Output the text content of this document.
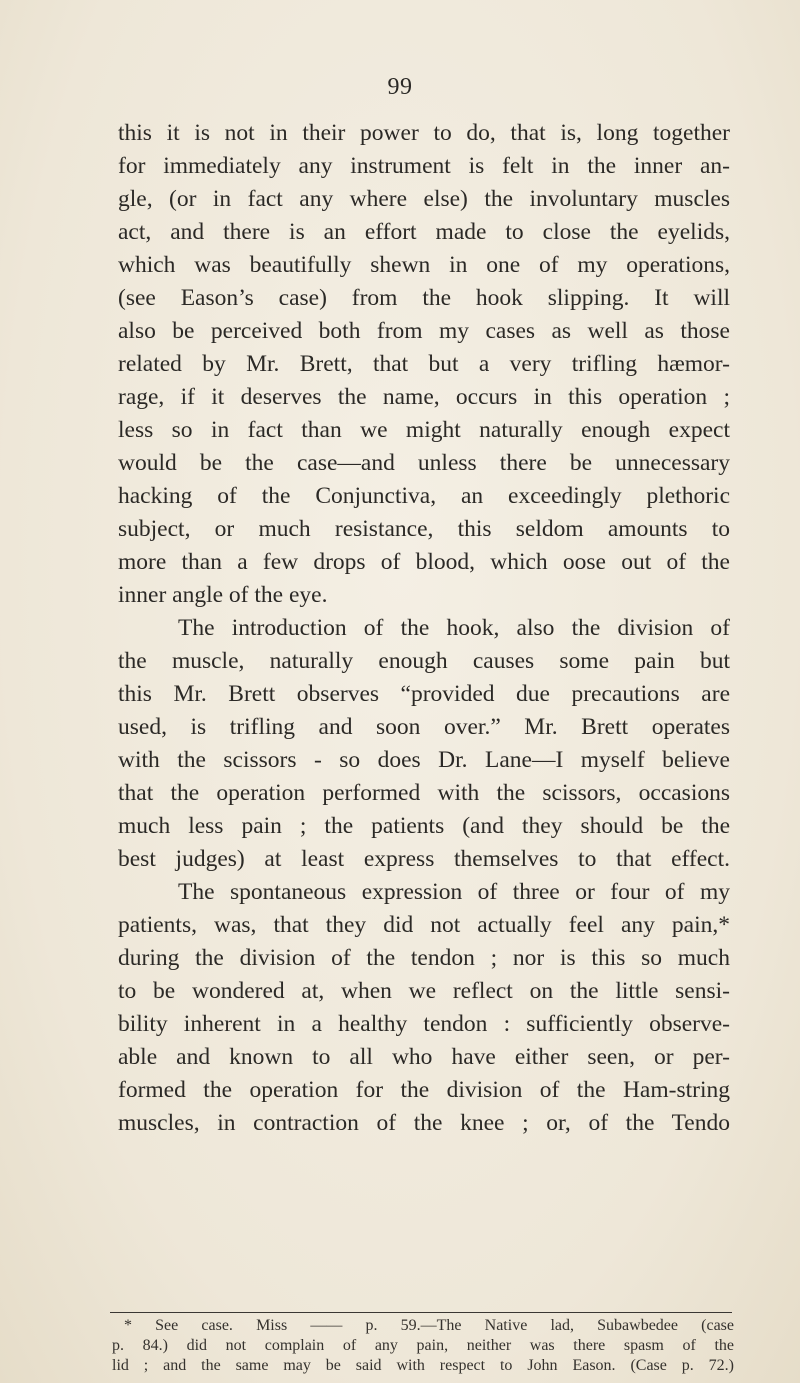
99
this it is not in their power to do, that is, long together
for immediately any instrument is felt in the inner an-
gle, (or in fact any where else) the involuntary muscles
act, and there is an effort made to close the eyelids,
which was beautifully shewn in one of my operations,
(see Eason’s case) from the hook slipping. It will
also be perceived both from my cases as well as those
related by Mr. Brett, that but a very trifling hæmor-
rage, if it deserves the name, occurs in this operation ;
less so in fact than we might naturally enough expect
would be the case—and unless there be unnecessary
hacking of the Conjunctiva, an exceedingly plethoric
subject, or much resistance, this seldom amounts to
more than a few drops of blood, which oose out of the
inner angle of the eye.
The introduction of the hook, also the division of
the muscle, naturally enough causes some pain but
this Mr. Brett observes “provided due precautions are
used, is trifling and soon over.” Mr. Brett operates
with the scissors - so does Dr. Lane—I myself believe
that the operation performed with the scissors, occasions
much less pain ; the patients (and they should be the
best judges) at least express themselves to that effect.
The spontaneous expression of three or four of my
patients, was, that they did not actually feel any pain,*
during the division of the tendon ; nor is this so much
to be wondered at, when we reflect on the little sensi-
bility inherent in a healthy tendon : sufficiently observe-
able and known to all who have either seen, or per-
formed the operation for the division of the Ham-string
muscles, in contraction of the knee ; or, of the Tendo
* See case. Miss —— p. 59.—The Native lad, Subawbedee (case
p. 84.) did not complain of any pain, neither was there spasm of the
lid ; and the same may be said with respect to John Eason. (Case p. 72.)
